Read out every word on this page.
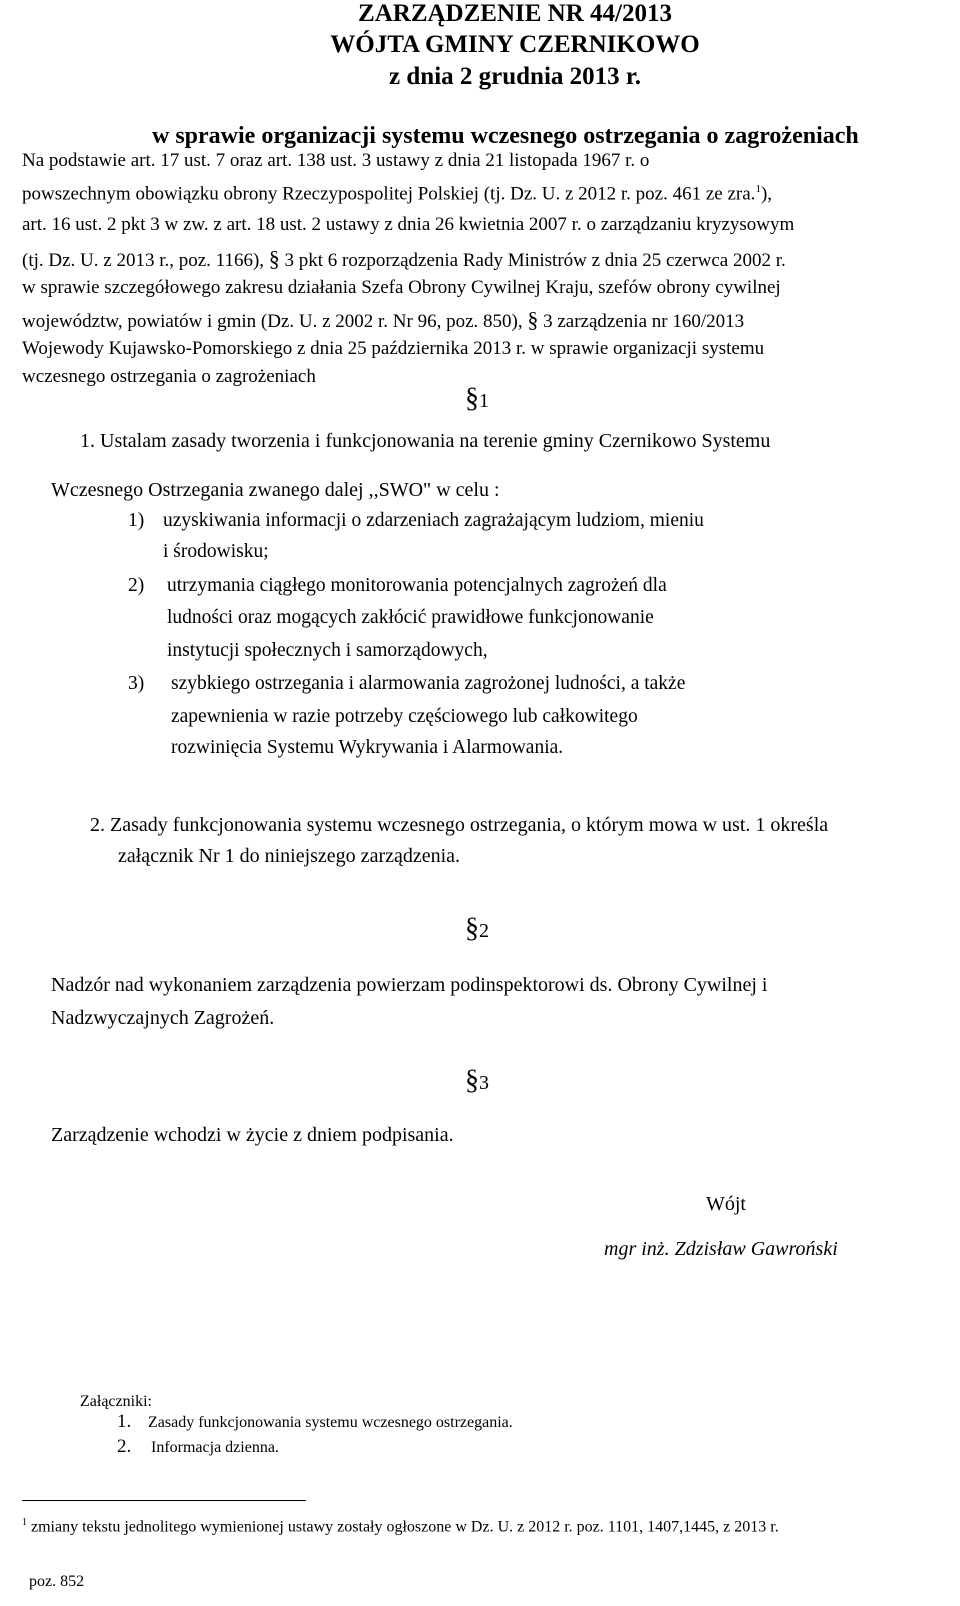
ZARZĄDZENIE NR 44/2013
WÓJTA GMINY CZERNIKOWO
z dnia 2 grudnia 2013 r.
w sprawie organizacji systemu wczesnego ostrzegania o zagrożeniach
Na podstawie art. 17 ust. 7 oraz art. 138 ust. 3 ustawy z dnia 21 listopada 1967 r. o
powszechnym obowiązku obrony Rzeczypospolitej Polskiej (tj. Dz. U. z 2012 r. poz. 461 ze zra.$^1$),
art. 16 ust. 2 pkt 3 w zw. z art. 18 ust. 2 ustawy z dnia 26 kwietnia 2007 r. o zarządzaniu kryzysowym
(tj. Dz. U. z 2013 r., poz. 1166), § 3 pkt 6 rozporządzenia Rady Ministrów z dnia 25 czerwca 2002 r.
w sprawie szczegółowego zakresu działania Szefa Obrony Cywilnej Kraju, szefów obrony cywilnej
województw, powiatów i gmin (Dz. U. z 2002 r. Nr 96, poz. 850), § 3 zarządzenia nr 160/2013
Wojewody Kujawsko-Pomorskiego z dnia 25 października 2013 r. w sprawie organizacji systemu
wczesnego ostrzegania o zagrożeniach
§1
1. Ustalam zasady tworzenia i funkcjonowania na terenie gminy Czernikowo Systemu
Wczesnego Ostrzegania zwanego dalej ,,SWO" w celu :
1) uzyskiwania informacji o zdarzeniach zagrażającym ludziom, mieniu
i środowisku;
2) utrzymania ciągłego monitorowania potencjalnych zagrożeń dla
ludności oraz mogących zakłócić prawidłowe funkcjonowanie
instytucji społecznych i samorządowych,
3) szybkiego ostrzegania i alarmowania zagrożonej ludności, a także
zapewnienia w razie potrzeby częściowego lub całkowitego
rozwinięcia Systemu Wykrywania i Alarmowania.
2. Zasady funkcjonowania systemu wczesnego ostrzegania, o którym mowa w ust. 1 określa
załącznik Nr 1 do niniejszego zarządzenia.
§2
Nadzór nad wykonaniem zarządzenia powierzam podinspektorowi ds. Obrony Cywilnej i
Nadzwyczajnych Zagrożeń.
§3
Zarządzenie wchodzi w życie z dniem podpisania.
Wójt
mgr inż. Zdzisław Gawroński
Załączniki:
1. Zasady funkcjonowania systemu wczesnego ostrzegania.
2. Informacja dzienna.
$^1$ zmiany tekstu jednolitego wymienionej ustawy zostały ogłoszone w Dz. U. z 2012 r. poz. 1101, 1407,1445, z 2013 r.
poz. 852
